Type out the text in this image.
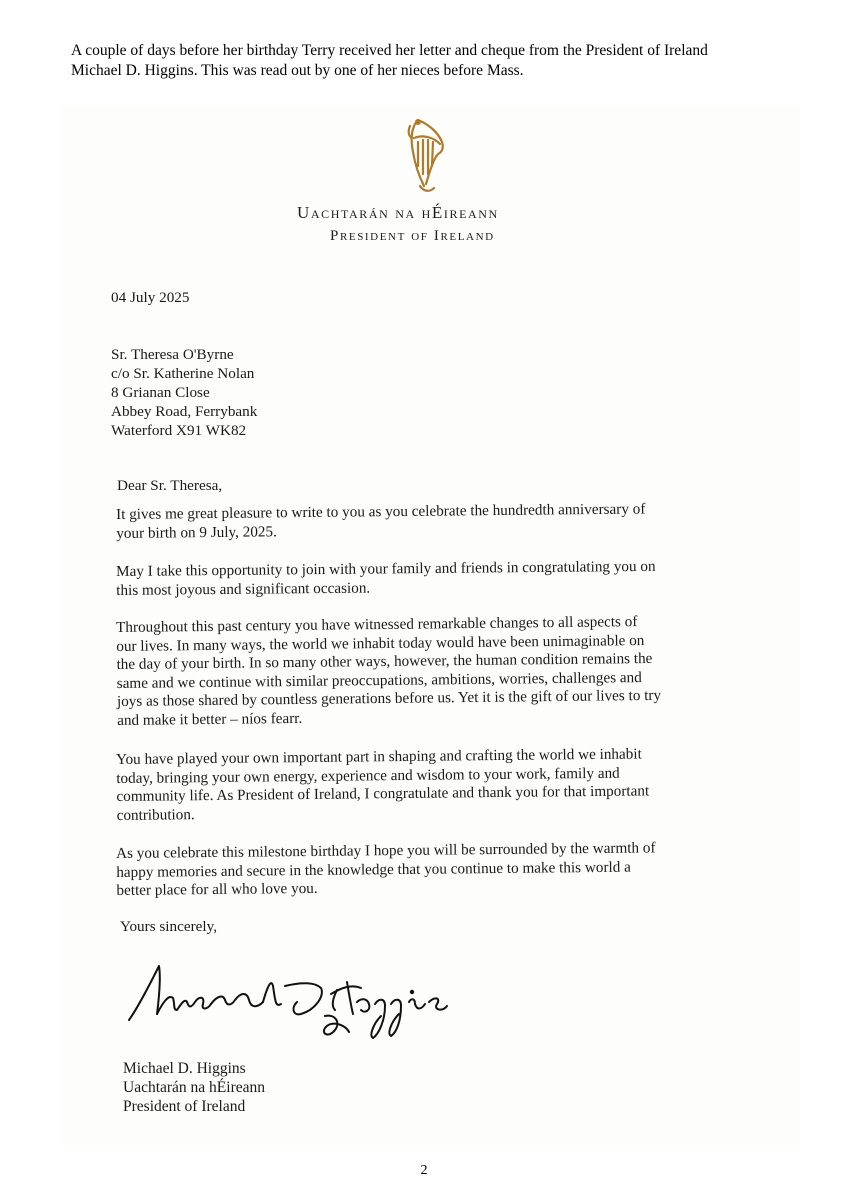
A couple of days before her birthday Terry received her letter and cheque from the President of Ireland
Michael D. Higgins. This was read out by one of her nieces before Mass.
Uachtarán na hÉireann
President of Ireland
04 July 2025
Sr. Theresa O'Byrne
c/o Sr. Katherine Nolan
8 Grianan Close
Abbey Road, Ferrybank
Waterford X91 WK82
Dear Sr. Theresa,
It gives me great pleasure to write to you as you celebrate the hundredth anniversary of
your birth on 9 July, 2025.
May I take this opportunity to join with your family and friends in congratulating you on
this most joyous and significant occasion.
Throughout this past century you have witnessed remarkable changes to all aspects of
our lives. In many ways, the world we inhabit today would have been unimaginable on
the day of your birth. In so many other ways, however, the human condition remains the
same and we continue with similar preoccupations, ambitions, worries, challenges and
joys as those shared by countless generations before us. Yet it is the gift of our lives to try
and make it better – níos fearr.
You have played your own important part in shaping and crafting the world we inhabit
today, bringing your own energy, experience and wisdom to your work, family and
community life. As President of Ireland, I congratulate and thank you for that important
contribution.
As you celebrate this milestone birthday I hope you will be surrounded by the warmth of
happy memories and secure in the knowledge that you continue to make this world a
better place for all who love you.
Yours sincerely,
Michael D. Higgins
Uachtarán na hÉireann
President of Ireland
2
